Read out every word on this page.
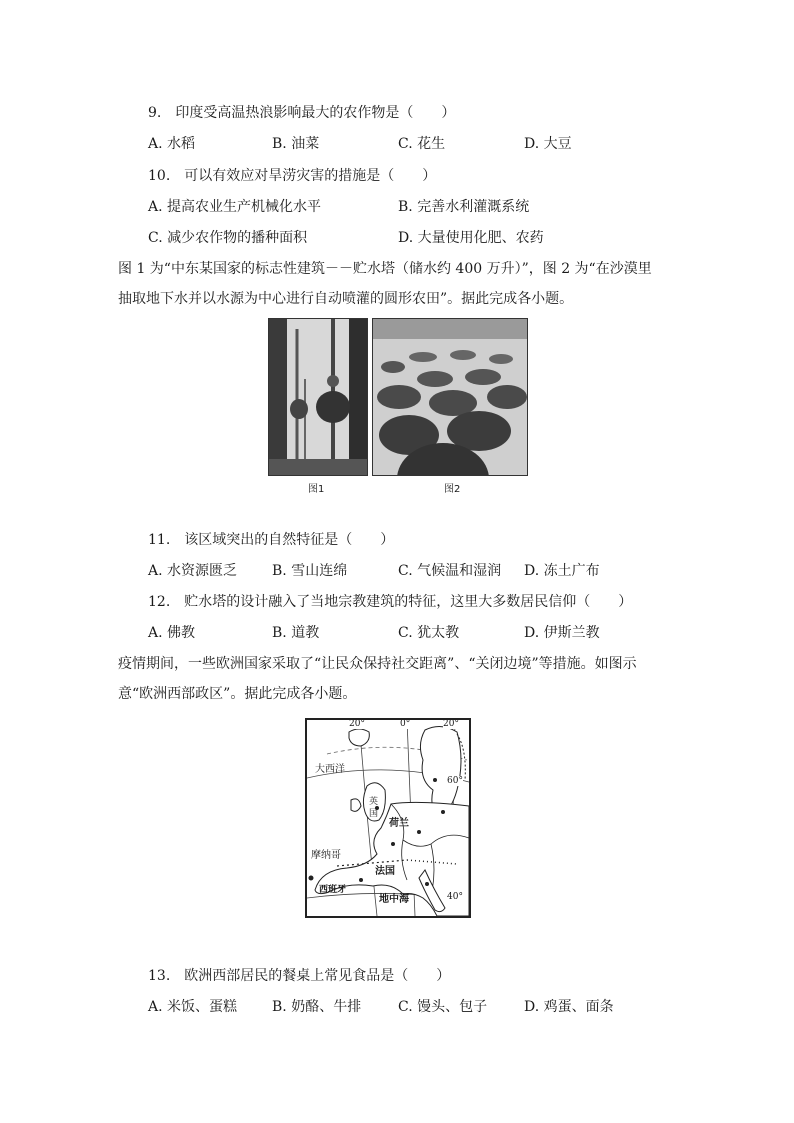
9.　印度受高温热浪影响最大的农作物是（　　）
A. 水稻	B. 油菜	C. 花生	D. 大豆
10.　可以有效应对旱涝灾害的措施是（　　）
A. 提高农业生产机械化水平	B. 完善水利灌溉系统
C. 减少农作物的播种面积	D. 大量使用化肥、农药
图 1 为“中东某国家的标志性建筑－－贮水塔（储水约 400 万升）”，图 2 为“在沙漠里
抽取地下水并以水源为中心进行自动喷灌的圆形农田”。据此完成各小题。
图1	图2
11.　该区域突出的自然特征是（　　）
A. 水资源匮乏 B. 雪山连绵	C. 气候温和湿润 D. 冻土广布
12.　贮水塔的设计融入了当地宗教建筑的特征，这里大多数居民信仰（　　）
A. 佛教	B. 道教	C. 犹太教	D. 伊斯兰教
疫情期间，一些欧洲国家采取了“让民众保持社交距离”、“关闭边境”等措施。如图示
意“欧洲西部政区”。据此完成各小题。
20°	0°	20°
60°
40°
大西洋
荷兰
英国
摩纳哥
法国
西班牙
地中海
13.　欧洲西部居民的餐桌上常见食品是（　　）
A. 米饭、蛋糕 B. 奶酪、牛排	C. 馒头、包子	D. 鸡蛋、面条
